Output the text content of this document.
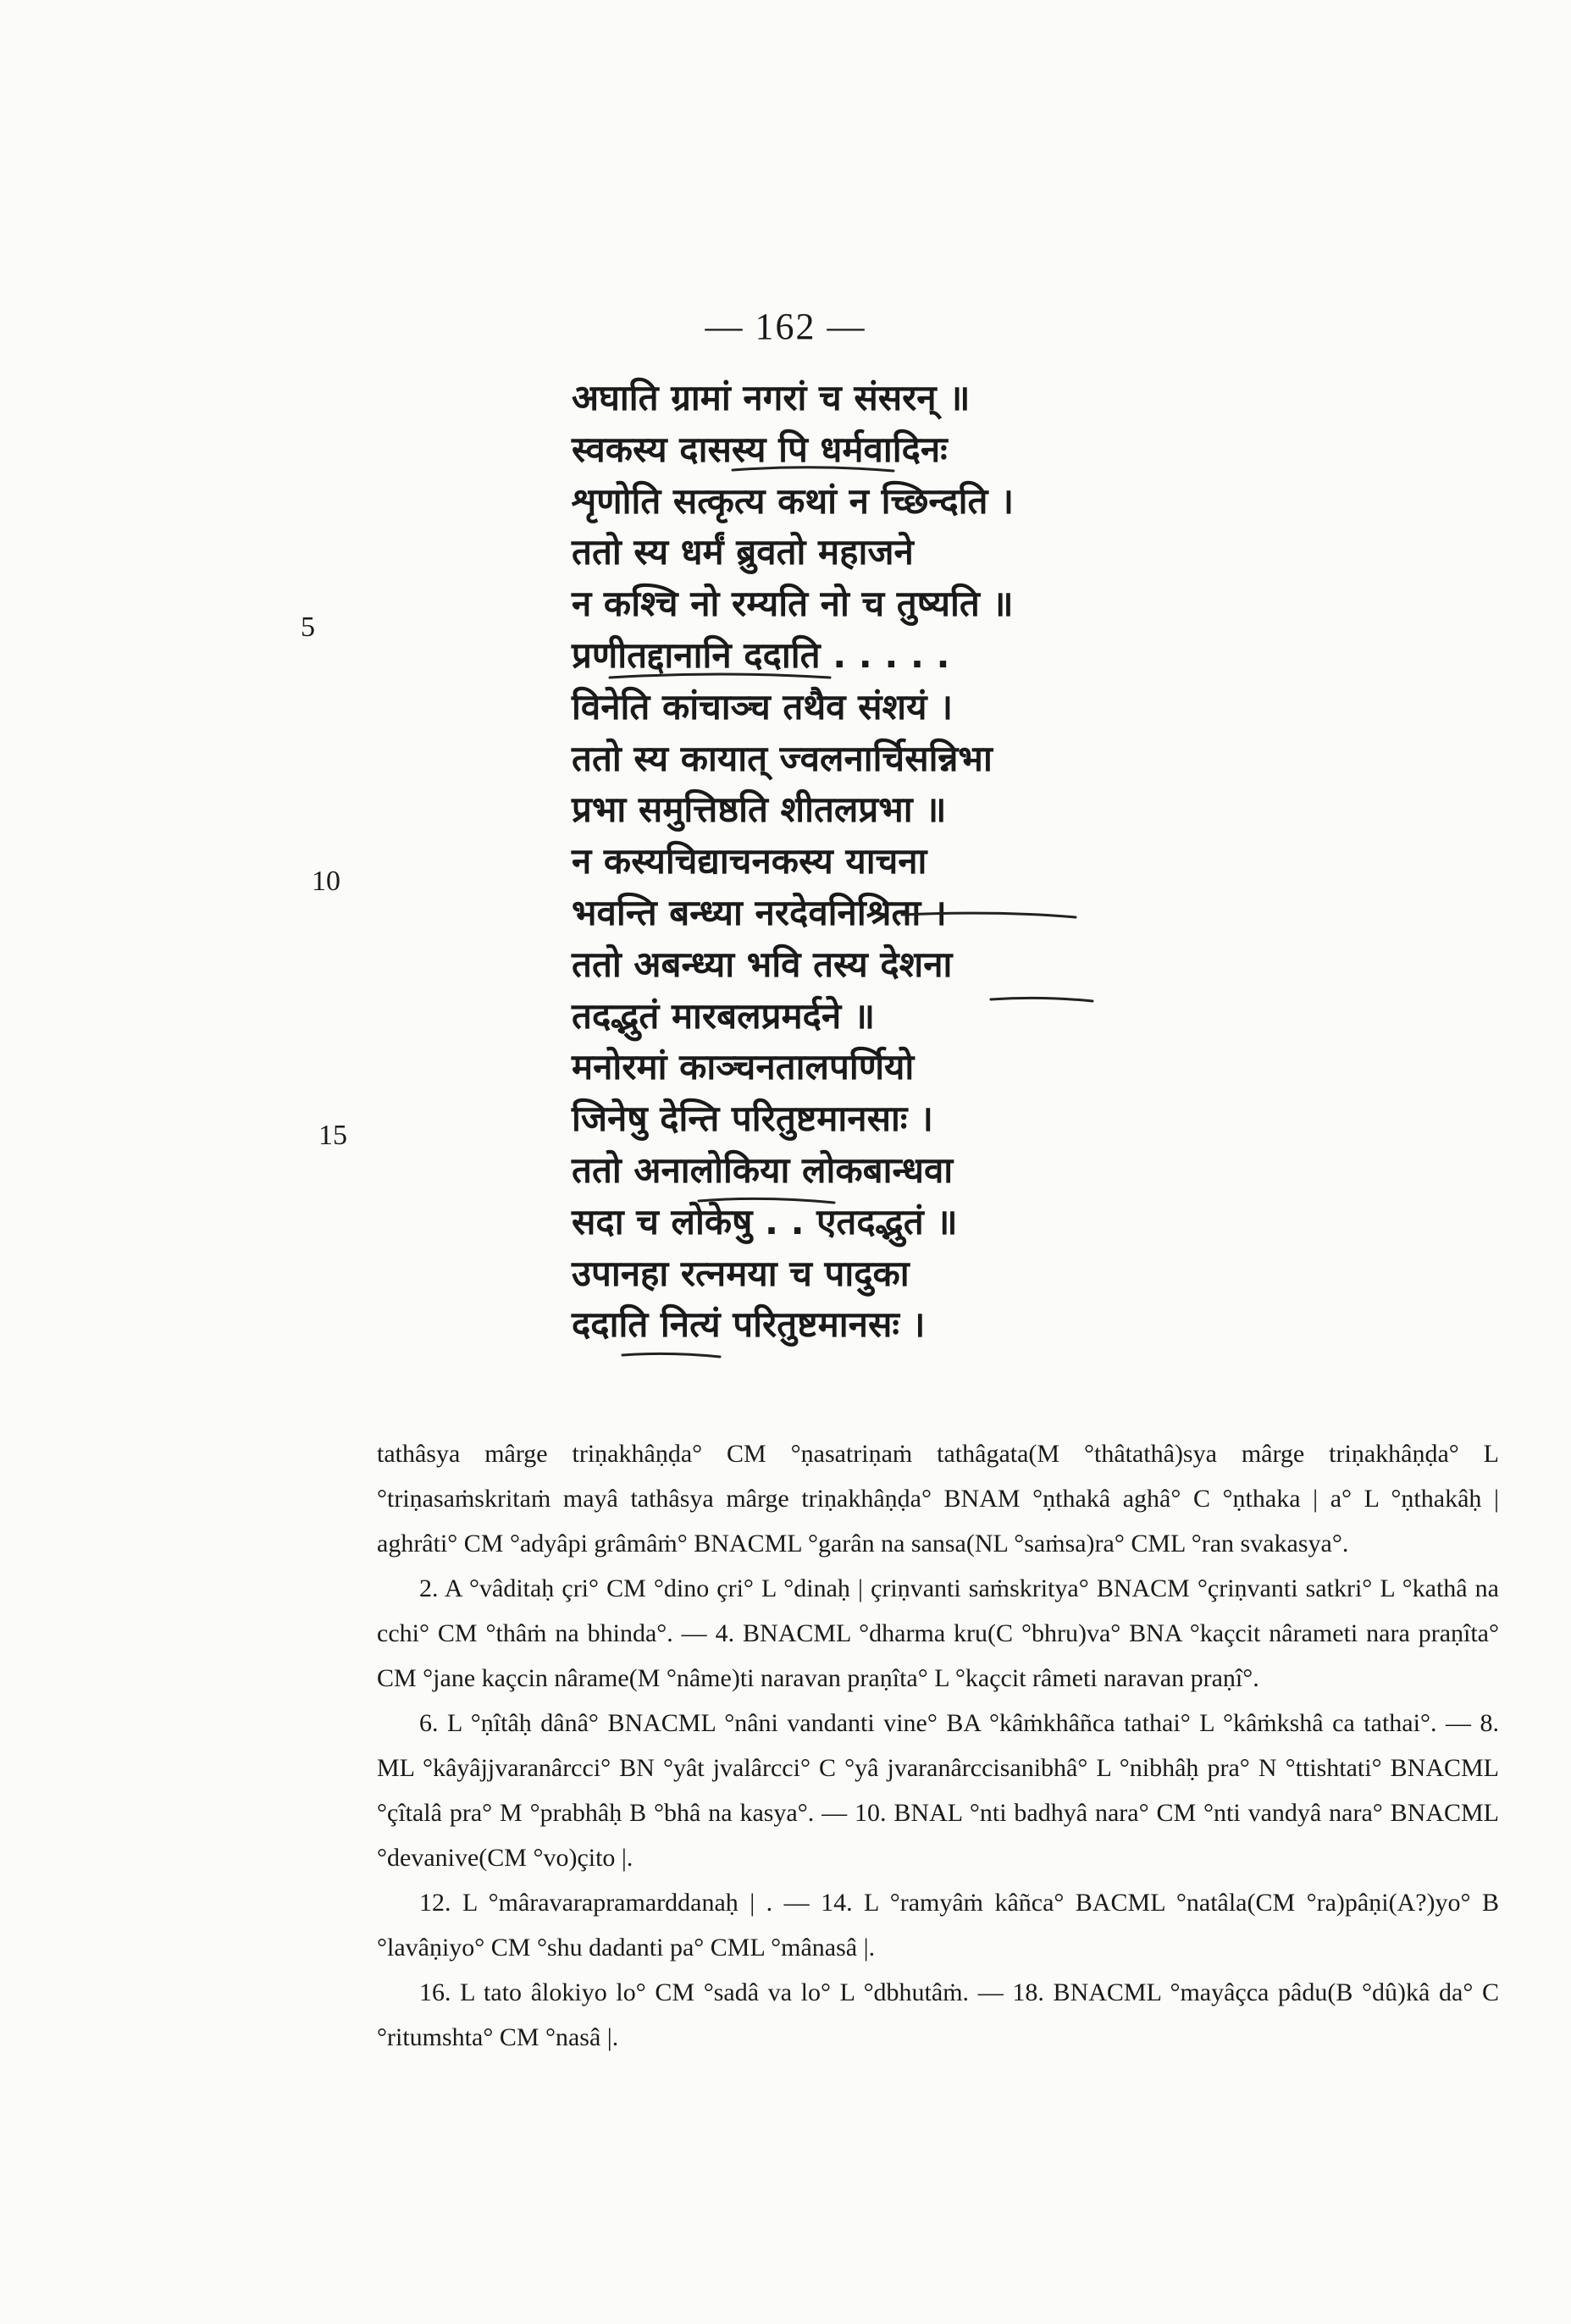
— 162 —
5
10
15
अघाति ग्रामां नगरां च संसरन् ॥
स्वकस्य दासस्य पि धर्मवादिनः
शृणोति सत्कृत्य कथां न च्छिन्दति ।
ततो स्य धर्मं ब्रुवतो महाजने
न कश्चि नो रम्यति नो च तुष्यति ॥
प्रणीतद्दानानि ददाति . . . . .
विनेति कांचाञ्च तथैव संशयं ।
ततो स्य कायात् ज्वलनार्चिसन्निभा
प्रभा समुत्तिष्ठति शीतलप्रभा ॥
न कस्यचिद्याचनकस्य याचना
भवन्ति बन्ध्या नरदेवनिश्रिता ।
ततो अबन्ध्या भवि तस्य देशना
तदद्भुतं मारबलप्रमर्दने ॥
मनोरमां काञ्चनतालपर्णियो
जिनेषु देन्ति परितुष्टमानसाः ।
ततो अनालोकिया लोकबान्धवा
सदा च लोकेषु . . एतदद्भुतं ॥
उपानहा रत्नमया च पादुका
ददाति नित्यं परितुष्टमानसः ।

tathâsya mârge triṇakhâṇḍa° CM °ṇasatriṇaṁ tathâgata(M °thâtathâ)sya mârge triṇakhâṇḍa° L °triṇasaṁskritaṁ mayâ tathâsya mârge triṇakhâṇḍa° BNAM °ṇthakâ aghâ° C °ṇthaka | a° L °ṇthakâḥ | aghrâti° CM °adyâpi grâmâṁ° BNACML °garân na sansa(NL °saṁsa)ra° CML °ran svakasya°.

2. A °vâditaḥ çri° CM °dino çri° L °dinaḥ | çriṇvanti saṁskritya° BNACM °çriṇvanti satkri° L °kathâ na cchi° CM °thâṁ na bhinda°. — 4. BNACML °dharma kru(C °bhru)va° BNA °kaçcit nârameti nara praṇîta° CM °jane kaçcin nârame(M °nâme)ti naravan praṇîta° L °kaçcit râmeti naravan praṇî°.

6. L °ṇîtâḥ dânâ° BNACML °nâni vandanti vine° BA °kâṁkhâñca tathai° L °kâṁkshâ ca tathai°. — 8. ML °kâyâjjvaranârcci° BN °yât jvalârcci° C °yâ jvaranârccisanibhâ° L °nibhâḥ pra° N °ttishtati° BNACML °çîtalâ pra° M °prabhâḥ B °bhâ na kasya°. — 10. BNAL °nti badhyâ nara° CM °nti vandyâ nara° BNACML °devanive(CM °vo)çito |.

12. L °mâravarapramarddanaḥ | . — 14. L °ramyâṁ kâñca° BACML °natâla(CM °ra)pâṇi(A?)yo° B °lavâṇiyo° CM °shu dadanti pa° CML °mânasâ |.

16. L tato âlokiyo lo° CM °sadâ va lo° L °dbhutâṁ. — 18. BNACML °mayâçca pâdu(B °dû)kâ da° C °ritumshta° CM °nasâ |.
